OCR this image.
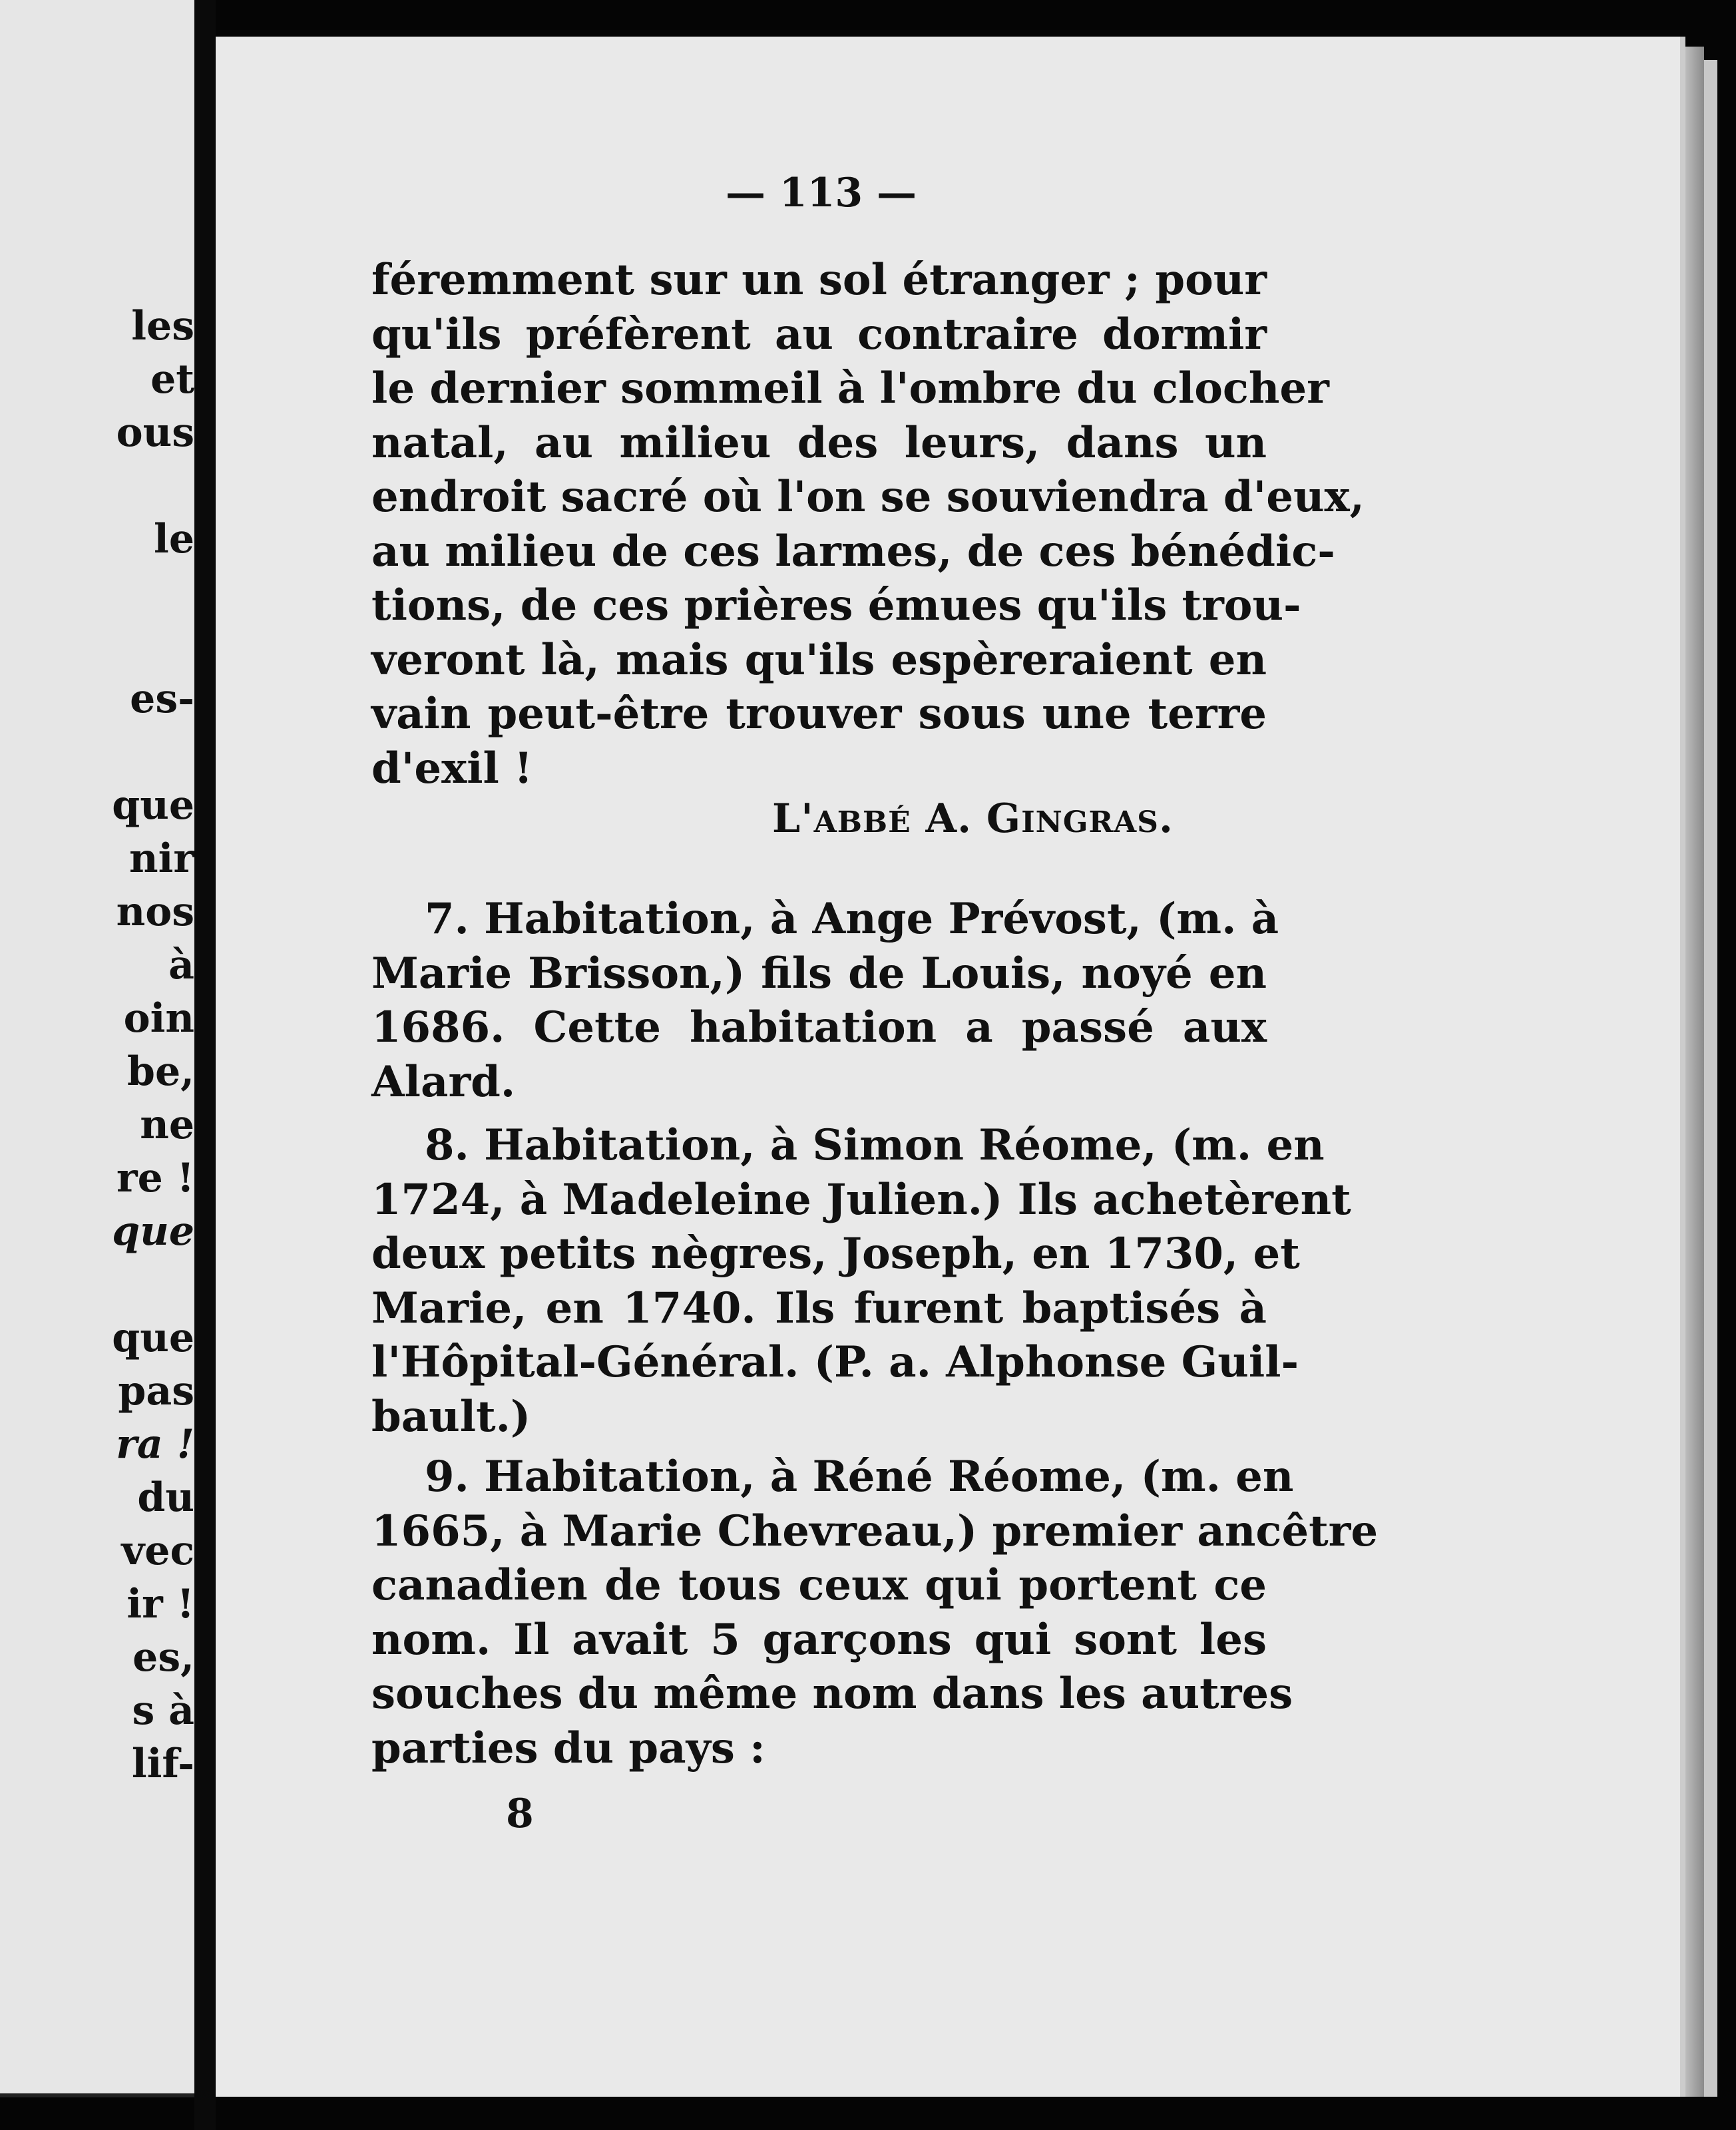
les
et
ous
le
es-
que
nir
nos
à
oin
be,
ne
re !
que
que
pas
ra !
du
vec
ir !
es,
s à
lif-
— 113 —
féremment sur un sol étranger ; pour
qu'ils préfèrent au contraire dormir
le dernier sommeil à l'ombre du clocher
natal, au milieu des leurs, dans un
endroit sacré où l'on se souviendra d'eux,
au milieu de ces larmes, de ces bénédic-
tions, de ces prières émues qu'ils trou-
veront là, mais qu'ils espèreraient en
vain peut-être trouver sous une terre
d'exil !
L'ABBÉ A. GINGRAS.
7. Habitation, à Ange Prévost, (m. à
Marie Brisson,) fils de Louis, noyé en
1686. Cette habitation a passé aux
Alard.
8. Habitation, à Simon Réome, (m. en
1724, à Madeleine Julien.) Ils achetèrent
deux petits nègres, Joseph, en 1730, et
Marie, en 1740. Ils furent baptisés à
l'Hôpital-Général. (P. a. Alphonse Guil-
bault.)
9. Habitation, à Réné Réome, (m. en
1665, à Marie Chevreau,) premier ancêtre
canadien de tous ceux qui portent ce
nom. Il avait 5 garçons qui sont les
souches du même nom dans les autres
parties du pays :
8
